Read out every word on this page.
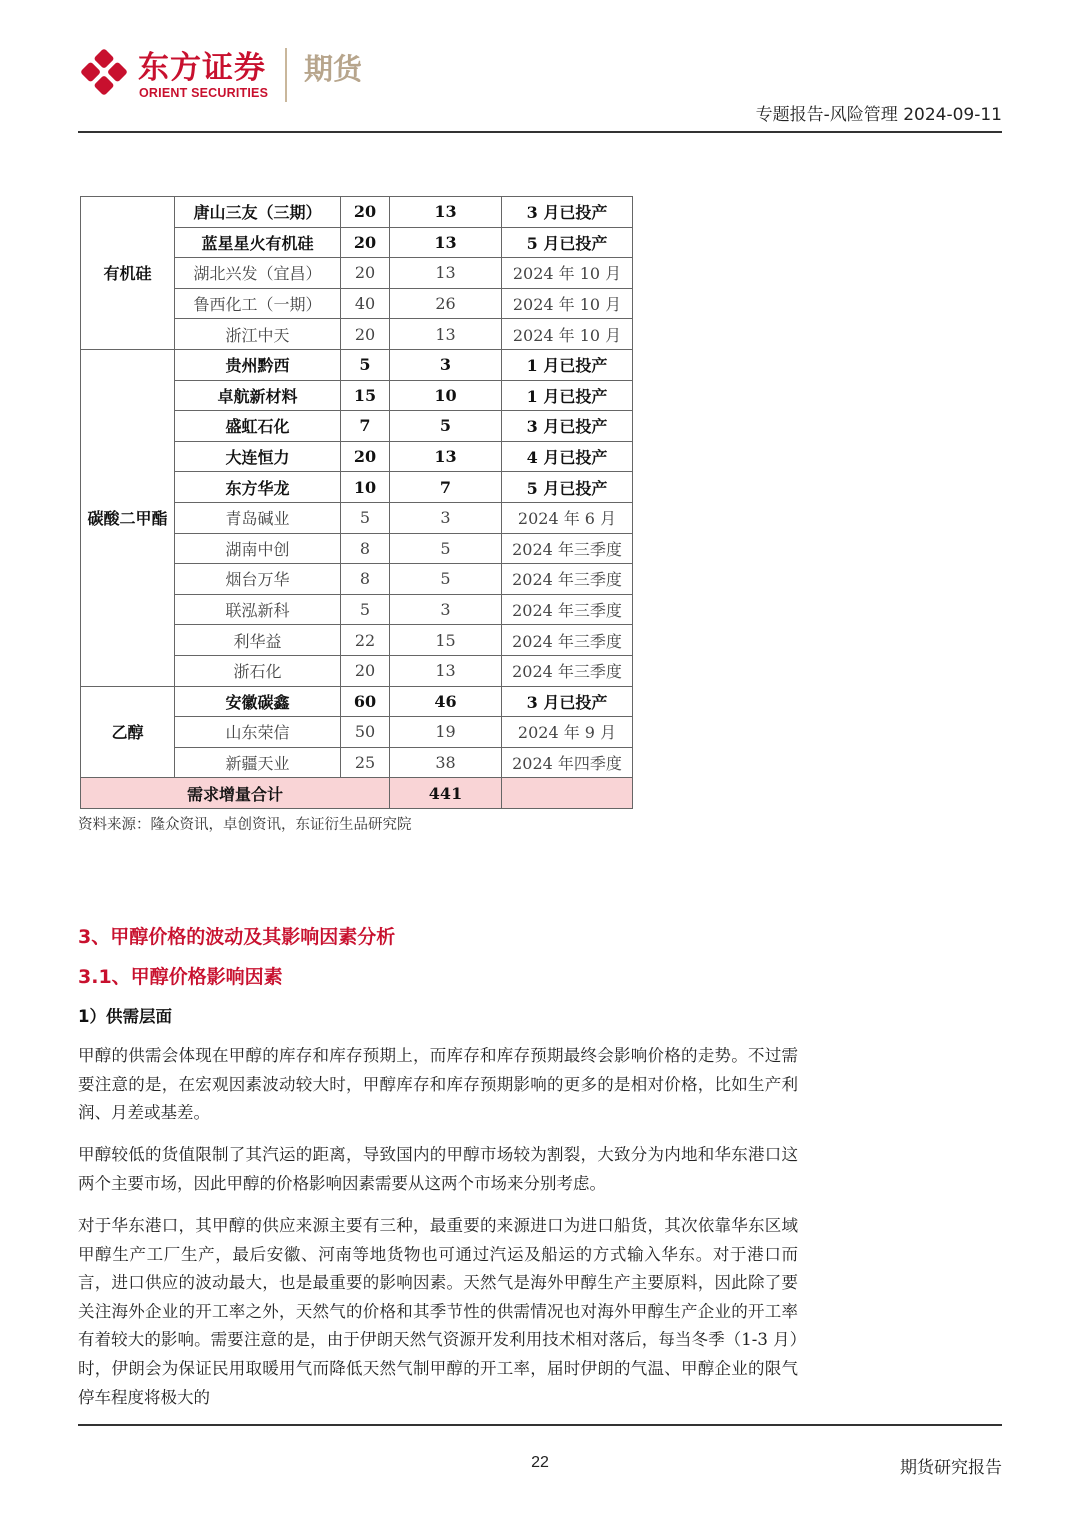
东方证券
ORIENT SECURITIES
期货
专题报告-风险管理 2024-09-11
有机硅	唐山三友（三期）	20	13	3 月已投产
	蓝星星火有机硅	20	13	5 月已投产
	湖北兴发（宜昌）	20	13	2024 年 10 月
	鲁西化工（一期）	40	26	2024 年 10 月
	浙江中天	20	13	2024 年 10 月
碳酸二甲酯	贵州黔西	5	3	1 月已投产
	卓航新材料	15	10	1 月已投产
	盛虹石化	7	5	3 月已投产
	大连恒力	20	13	4 月已投产
	东方华龙	10	7	5 月已投产
	青岛碱业	5	3	2024 年 6 月
	湖南中创	8	5	2024 年三季度
	烟台万华	8	5	2024 年三季度
	联泓新科	5	3	2024 年三季度
	利华益	22	15	2024 年三季度
	浙石化	20	13	2024 年三季度
乙醇	安徽碳鑫	60	46	3 月已投产
	山东荣信	50	19	2024 年 9 月
	新疆天业	25	38	2024 年四季度
需求增量合计			441	
资料来源：隆众资讯，卓创资讯，东证衍生品研究院
3、甲醇价格的波动及其影响因素分析
3.1、甲醇价格影响因素
1）供需层面

甲醇的供需会体现在甲醇的库存和库存预期上，而库存和库存预期最终会影响价格的走势。不过需要注意的是，在宏观因素波动较大时，甲醇库存和库存预期影响的更多的是相对价格，比如生产利润、月差或基差。

甲醇较低的货值限制了其汽运的距离，导致国内的甲醇市场较为割裂，大致分为内地和华东港口这两个主要市场，因此甲醇的价格影响因素需要从这两个市场来分别考虑。

对于华东港口，其甲醇的供应来源主要有三种，最重要的来源进口为进口船货，其次依靠华东区域甲醇生产工厂生产，最后安徽、河南等地货物也可通过汽运及船运的方式输入华东。对于港口而言，进口供应的波动最大，也是最重要的影响因素。天然气是海外甲醇生产主要原料，因此除了要关注海外企业的开工率之外，天然气的价格和其季节性的供需情况也对海外甲醇生产企业的开工率有着较大的影响。需要注意的是，由于伊朗天然气资源开发利用技术相对落后，每当冬季（1-3 月）时，伊朗会为保证民用取暖用气而降低天然气制甲醇的开工率，届时伊朗的气温、甲醇企业的限气停车程度将极大的

22	期货研究报告
